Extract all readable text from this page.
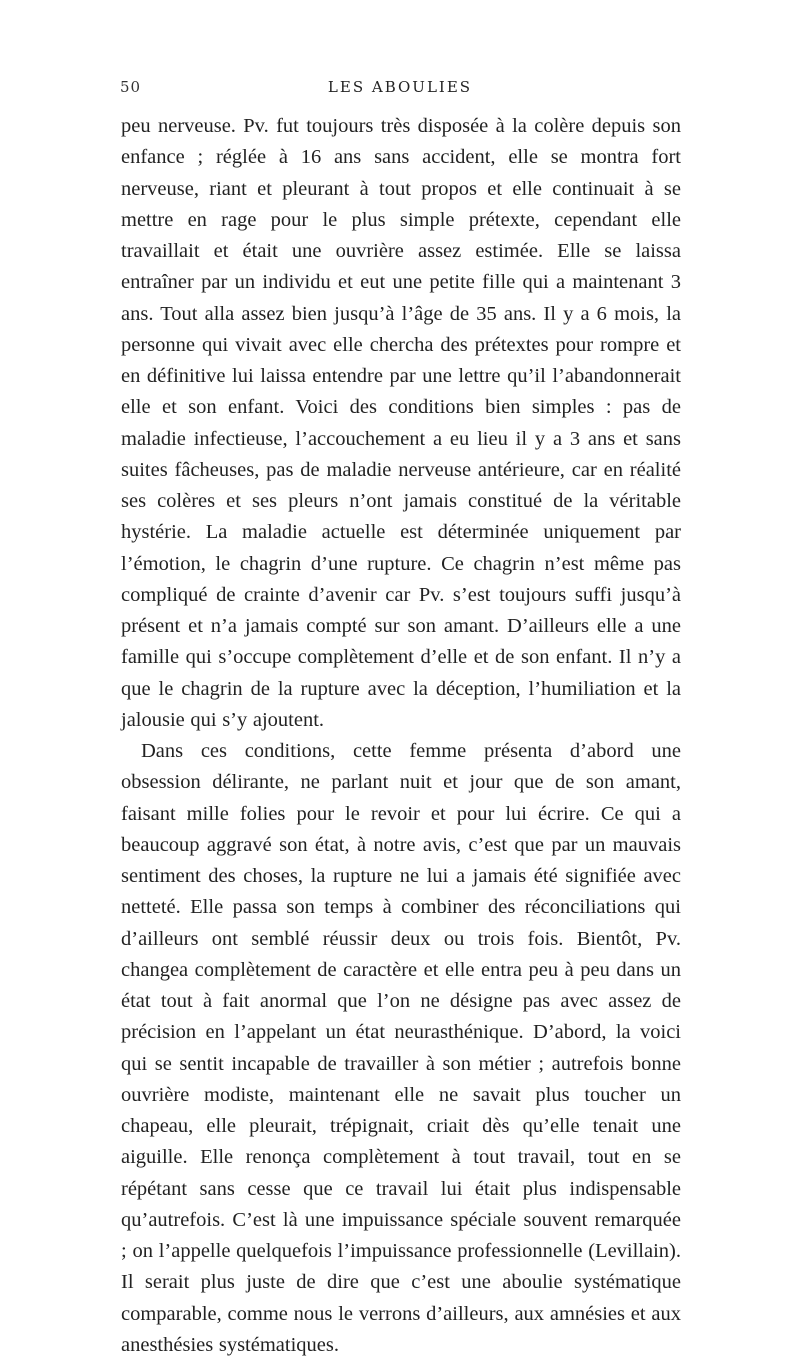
50	LES ABOULIES

peu nerveuse. Pv. fut toujours très disposée à la colère depuis son enfance ; réglée à 16 ans sans accident, elle se montra fort nerveuse, riant et pleurant à tout propos et elle continuait à se mettre en rage pour le plus simple prétexte, cependant elle travaillait et était une ouvrière assez estimée. Elle se laissa entraîner par un individu et eut une petite fille qui a maintenant 3 ans. Tout alla assez bien jusqu’à l’âge de 35 ans. Il y a 6 mois, la personne qui vivait avec elle chercha des prétextes pour rompre et en définitive lui laissa entendre par une lettre qu’il l’abandonnerait elle et son enfant. Voici des conditions bien simples : pas de maladie infectieuse, l’accouchement a eu lieu il y a 3 ans et sans suites fâcheuses, pas de maladie nerveuse antérieure, car en réalité ses colères et ses pleurs n’ont jamais constitué de la véritable hystérie. La maladie actuelle est déterminée uniquement par l’émotion, le chagrin d’une rupture. Ce chagrin n’est même pas compliqué de crainte d’avenir car Pv. s’est toujours suffi jusqu’à présent et n’a jamais compté sur son amant. D’ailleurs elle a une famille qui s’occupe complètement d’elle et de son enfant. Il n’y a que le chagrin de la rupture avec la déception, l’humiliation et la jalousie qui s’y ajoutent.

Dans ces conditions, cette femme présenta d’abord une obsession délirante, ne parlant nuit et jour que de son amant, faisant mille folies pour le revoir et pour lui écrire. Ce qui a beaucoup aggravé son état, à notre avis, c’est que par un mauvais sentiment des choses, la rupture ne lui a jamais été signifiée avec netteté. Elle passa son temps à combiner des réconciliations qui d’ailleurs ont semblé réussir deux ou trois fois. Bientôt, Pv. changea complètement de caractère et elle entra peu à peu dans un état tout à fait anormal que l’on ne désigne pas avec assez de précision en l’appelant un état neurasthénique. D’abord, la voici qui se sentit incapable de travailler à son métier ; autrefois bonne ouvrière modiste, maintenant elle ne savait plus toucher un chapeau, elle pleurait, trépignait, criait dès qu’elle tenait une aiguille. Elle renonça complètement à tout travail, tout en se répétant sans cesse que ce travail lui était plus indispensable qu’autrefois. C’est là une impuissance spéciale souvent remarquée ; on l’appelle quelquefois l’impuissance professionnelle (Levillain). Il serait plus juste de dire que c’est une aboulie systématique comparable, comme nous le verrons d’ailleurs, aux amnésies et aux anesthésies systématiques.
